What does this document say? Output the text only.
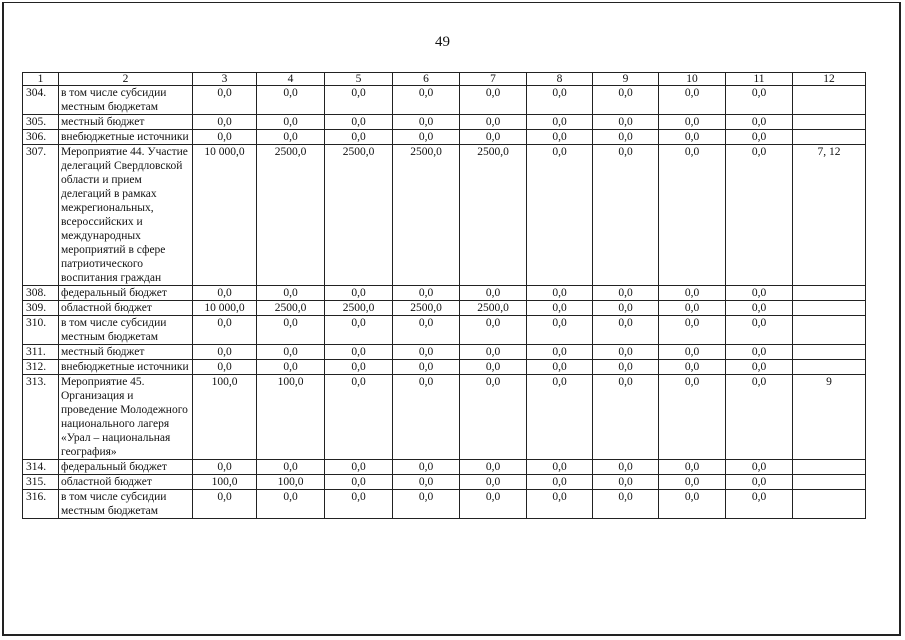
49
1	2	3	4	5	6	7	8	9	10	11	12
304.	в том числе субсидии местным бюджетам	0,0	0,0	0,0	0,0	0,0	0,0	0,0	0,0	0,0	
305.	местный бюджет	0,0	0,0	0,0	0,0	0,0	0,0	0,0	0,0	0,0	
306.	внебюджетные источники	0,0	0,0	0,0	0,0	0,0	0,0	0,0	0,0	0,0	
307.	Мероприятие 44. Участие делегаций Свердловской области и прием делегаций в рамках межрегиональных, всероссийских и международных мероприятий в сфере патриотического воспитания граждан	10 000,0	2500,0	2500,0	2500,0	2500,0	0,0	0,0	0,0	0,0	7, 12
308.	федеральный бюджет	0,0	0,0	0,0	0,0	0,0	0,0	0,0	0,0	0,0	
309.	областной бюджет	10 000,0	2500,0	2500,0	2500,0	2500,0	0,0	0,0	0,0	0,0	
310.	в том числе субсидии местным бюджетам	0,0	0,0	0,0	0,0	0,0	0,0	0,0	0,0	0,0	
311.	местный бюджет	0,0	0,0	0,0	0,0	0,0	0,0	0,0	0,0	0,0	
312.	внебюджетные источники	0,0	0,0	0,0	0,0	0,0	0,0	0,0	0,0	0,0	
313.	Мероприятие 45. Организация и проведение Молодежного национального лагеря «Урал – национальная география»	100,0	100,0	0,0	0,0	0,0	0,0	0,0	0,0	0,0	9
314.	федеральный бюджет	0,0	0,0	0,0	0,0	0,0	0,0	0,0	0,0	0,0	
315.	областной бюджет	100,0	100,0	0,0	0,0	0,0	0,0	0,0	0,0	0,0	
316.	в том числе субсидии местным бюджетам	0,0	0,0	0,0	0,0	0,0	0,0	0,0	0,0	0,0	
